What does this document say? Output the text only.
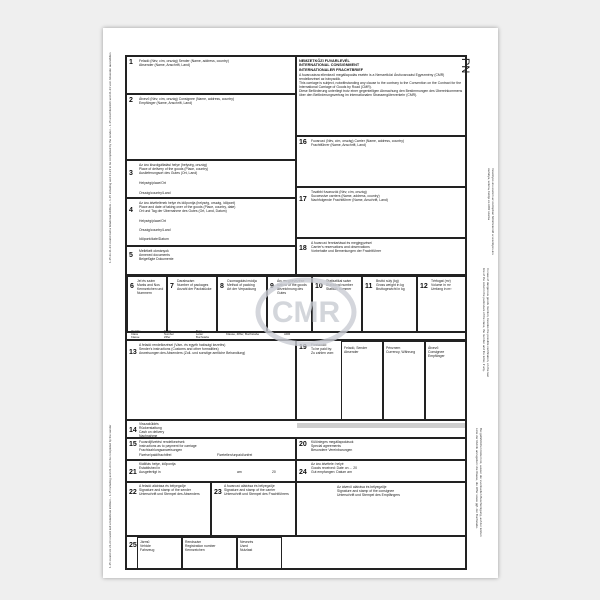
1-15 és 21-23 rovatot kell a feladónak kitölteni – 1-15 including and 21-23 to be completed by the sender – 1-15 einschliesslich und 21-23 vom Absender auszufüllen
1-15 rovatot és 21-23 rovatot kell a feladónak kitölteni – 1-15 including and 21-23 to be completed by the sender
PN
Veszélyes áru esetén az oszlopban feltüntetendő a veszélyes áru osztálya, száma, betűje és ADR száma
In case of dangerous goods mention, besides the possible certification, on the last line of the column the particulars of the class, the number and the letter, if any.
Bei gefährlichen Gütern ist, ausser der eventuellen Bescheinigung, auf der letzten Linie der Rubrik anzugeben: die Klasse, die Ziffer sowie ggf. der Buchstabe.
1 Feladó (Név, cím, ország) Sender (Name, address, country)
Absender (Name, Anschrift, Land)
NEMZETKÖZI FUVARLEVÉL
INTERNATIONAL CONSIGNMENT
INTERNATIONALER FRACHTBRIEF
A fuvarozásra ellenkező megállapodás esetén is a Nemzetközi Árufuvarozási Egyezmény (CMR) rendelkezései az irányadók.
This carriage is subject, notwithstanding any clause to the contrary to the Convention on the Contract for the International Carriage of Goods by Road (CMR).
Diese Beförderung unterliegt trotz einer gegenteiligen Abmachung den Bestimmungen des Übereinkommens über den Beförderungsvertrag im internationalen Strassengüterverkehr (CMR).
2 Átvevő (Név, cím, ország) Consignee (Name, address, country)
Empfänger (Name, Anschrift, Land)
16 Fuvarozó (Név, cím, ország) Carrier (Name, address, country)
Frachtführer (Name, Anschrift, Land)
3
Az áru kiszolgáltatási helye (helység, ország)
Place of delivery of the goods (Place, country)
Auslieferungsort des Gutes (Ort, Land)
Helység/place/Ort
Ország/country/Land
17
További fuvarozók (Név, cím, ország)
Successive carriers (Name, address, country)
Nachfolgende Frachtführer (Name, Anschrift, Land)
4
Az áru átvételének helye és időpontja (helység, ország, időpont)
Place and date of taking over of the goods (Place, country, date)
Ort und Tag der Übernahme des Gutes (Ort, Land, Datum)
Helység/place/Ort
Ország/country/Land
Időpont/date/Datum
18
A fuvarozó fenntartásai és megjegyzései
Carrier's reservations and observations
Vorbehalte und Bemerkungen der Frachtführer
5
Mellékelt okmányok
Annexed documents
Beigefügte Dokumente
6
Jel és szám
Marks and Nos
Kennzeichen und Nummern
7
Darabszám
Number of packages
Anzahl der Packstücke	8
Csomagolási módja
Method of packing
Art der Verpackung	9
Áru megnevezése
Nature of the goods
Bezeichnung des Gutes
10
Statisztikai szám
Statistical number
Statistik nummer	11
Bruttó súly (kg)
Gross weight in kg
Bruttogewicht in kg	12
Térfogat (m³)
Volume in m³
Umfang in m³
Osztály
Class
Klasse
Szám
Number
Ziffer
Betű
Letter
Buchstabe
Klasse, Ziffer, Buchstabe	ADR
13
A feladó rendelkezései (Vám- és egyéb hatósági kezelés)
Sender's instructions (Customs and other formalities)
Anweisungen des Absenders (Zoll- und sonstige amtliche Behandlung)
19 Fizetendő:
To be paid by:
Zu zahlen vom:
Feladó, Sender
Absender
Pénznem
Currency, Währung
Átvevő
Consignee
Empfänger
14
Visszaküldés
Rückerstattung
Cash on delivery
Nachnahme
15 Fuvardíjfizetési rendelkezések
Instructions as to payment for carriage
Frachtzahlungsanweisungen
Fizetve/paid/frachtfrei	Fizetetlen/unpaid/unfrei
20 Különleges megállapodások
Special agreements
Besondere Vereinbarungen
21
Kiállítás helye, időpontja
Established in
Ausgefertigt in	am	20	24
Az áru átvétele: helyé
Goods received: Date on ... 20
Gut empfangen: Datum am
22
A feladó aláírása és bélyegzője
Signature and stamp of the sender
Unterschrift und Stempel des Absenders	23
A fuvarozó aláírása és bélyegzője
Signature and stamp of the carrier
Unterschrift und Stempel des Frachtführers
Az átvevő aláírása és bélyegzője
Signature and stamp of the consignee
Unterschrift und Stempel des Empfängers
25 Jármű
Vehicle
Fahrzeug
Rendszám
Registration number
Kennzeichen
Nevezés
Used
Nutzlast
CMR
